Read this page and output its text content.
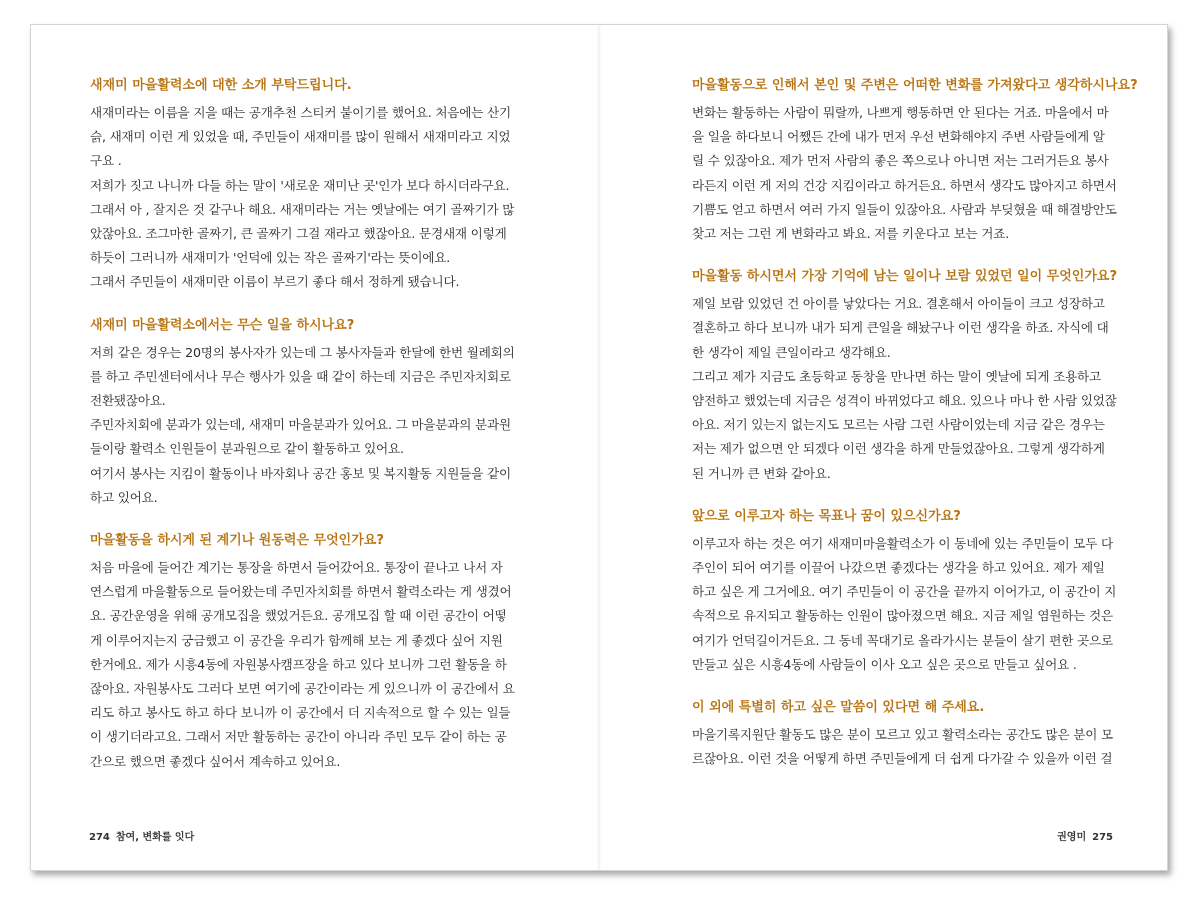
새재미 마을활력소에 대한 소개 부탁드립니다.

새재미라는 이름을 지을 때는 공개추천 스티커 붙이기를 했어요. 처음에는 산기

슭, 새재미 이런 게 있었을 때, 주민들이 새재미를 많이 원해서 새재미라고 지었

구요 .

저희가 짓고 나니까 다들 하는 말이 '새로운 재미난 곳'인가 보다 하시더라구요.

그래서 아 , 잘지은 것 같구나 해요. 새재미라는 거는 옛날에는 여기 골짜기가 많

았잖아요. 조그마한 골짜기, 큰 골짜기 그걸 재라고 했잖아요. 문경새재 이렇게

하듯이 그러니까 새재미가 '언덕에 있는 작은 골짜기'라는 뜻이에요.

그래서 주민들이 새재미란 이름이 부르기 좋다 해서 정하게 됐습니다.

새재미 마을활력소에서는 무슨 일을 하시나요?

저희 같은 경우는 20명의 봉사자가 있는데 그 봉사자들과 한달에 한번 월례회의

를 하고 주민센터에서나 무슨 행사가 있을 때 같이 하는데 지금은 주민자치회로

전환됐잖아요.

주민자치회에 분과가 있는데, 새재미 마을분과가 있어요. 그 마을분과의 분과원

들이랑 활력소 인원들이 분과원으로 같이 활동하고 있어요.

여기서 봉사는 지킴이 활동이나 바자회나 공간 홍보 및 복지활동 지원들을 같이

하고 있어요.

마을활동을 하시게 된 계기나 원동력은 무엇인가요?

처음 마을에 들어간 계기는 통장을 하면서 들어갔어요. 통장이 끝나고 나서 자

연스럽게 마을활동으로 들어왔는데 주민자치회를 하면서 활력소라는 게 생겼어

요. 공간운영을 위해 공개모집을 했었거든요. 공개모집 할 때 이런 공간이 어떻

게 이루어지는지 궁금했고 이 공간을 우리가 함께해 보는 게 좋겠다 싶어 지원

한거에요. 제가 시흥4동에 자원봉사캠프장을 하고 있다 보니까 그런 활동을 하

잖아요. 자원봉사도 그러다 보면 여기에 공간이라는 게 있으니까 이 공간에서 요

리도 하고 봉사도 하고 하다 보니까 이 공간에서 더 지속적으로 할 수 있는 일들

이 생기더라고요. 그래서 저만 활동하는 공간이 아니라 주민 모두 같이 하는 공

간으로 했으면 좋겠다 싶어서 계속하고 있어요.

274 참여, 변화를 잇다
마을활동으로 인해서 본인 및 주변은 어떠한 변화를 가져왔다고 생각하시나요?

변화는 활동하는 사람이 뭐랄까, 나쁘게 행동하면 안 된다는 거죠. 마을에서 마

을 일을 하다보니 어쨌든 간에 내가 먼저 우선 변화해야지 주변 사람들에게 알

릴 수 있잖아요. 제가 먼저 사람의 좋은 쪽으로나 아니면 저는 그러거든요 봉사

라든지 이런 게 저의 건강 지킴이라고 하거든요. 하면서 생각도 많아지고 하면서

기쁨도 얻고 하면서 여러 가지 일들이 있잖아요. 사람과 부딪혔을 때 해결방안도

찾고 저는 그런 게 변화라고 봐요. 저를 키운다고 보는 거죠.

마을활동 하시면서 가장 기억에 남는 일이나 보람 있었던 일이 무엇인가요?

제일 보람 있었던 건 아이를 낳았다는 거요. 결혼해서 아이들이 크고 성장하고

결혼하고 하다 보니까 내가 되게 큰일을 해놨구나 이런 생각을 하죠. 자식에 대

한 생각이 제일 큰일이라고 생각해요.

그리고 제가 지금도 초등학교 동창을 만나면 하는 말이 옛날에 되게 조용하고

얌전하고 했었는데 지금은 성격이 바뀌었다고 해요. 있으나 마나 한 사람 있었잖

아요. 저기 있는지 없는지도 모르는 사람 그런 사람이었는데 지금 같은 경우는

저는 제가 없으면 안 되겠다 이런 생각을 하게 만들었잖아요. 그렇게 생각하게

된 거니까 큰 변화 같아요.

앞으로 이루고자 하는 목표나 꿈이 있으신가요?

이루고자 하는 것은 여기 새재미마을활력소가 이 동네에 있는 주민들이 모두 다

주인이 되어 여기를 이끌어 나갔으면 좋겠다는 생각을 하고 있어요. 제가 제일

하고 싶은 게 그거에요. 여기 주민들이 이 공간을 끝까지 이어가고, 이 공간이 지

속적으로 유지되고 활동하는 인원이 많아졌으면 해요. 지금 제일 염원하는 것은

여기가 언덕길이거든요. 그 동네 꼭대기로 올라가시는 분들이 살기 편한 곳으로

만들고 싶은 시흥4동에 사람들이 이사 오고 싶은 곳으로 만들고 싶어요 .

이 외에 특별히 하고 싶은 말씀이 있다면 해 주세요.

마을기록지원단 활동도 많은 분이 모르고 있고 활력소라는 공간도 많은 분이 모

르잖아요. 이런 것을 어떻게 하면 주민들에게 더 쉽게 다가갈 수 있을까 이런 걸

권영미 275
